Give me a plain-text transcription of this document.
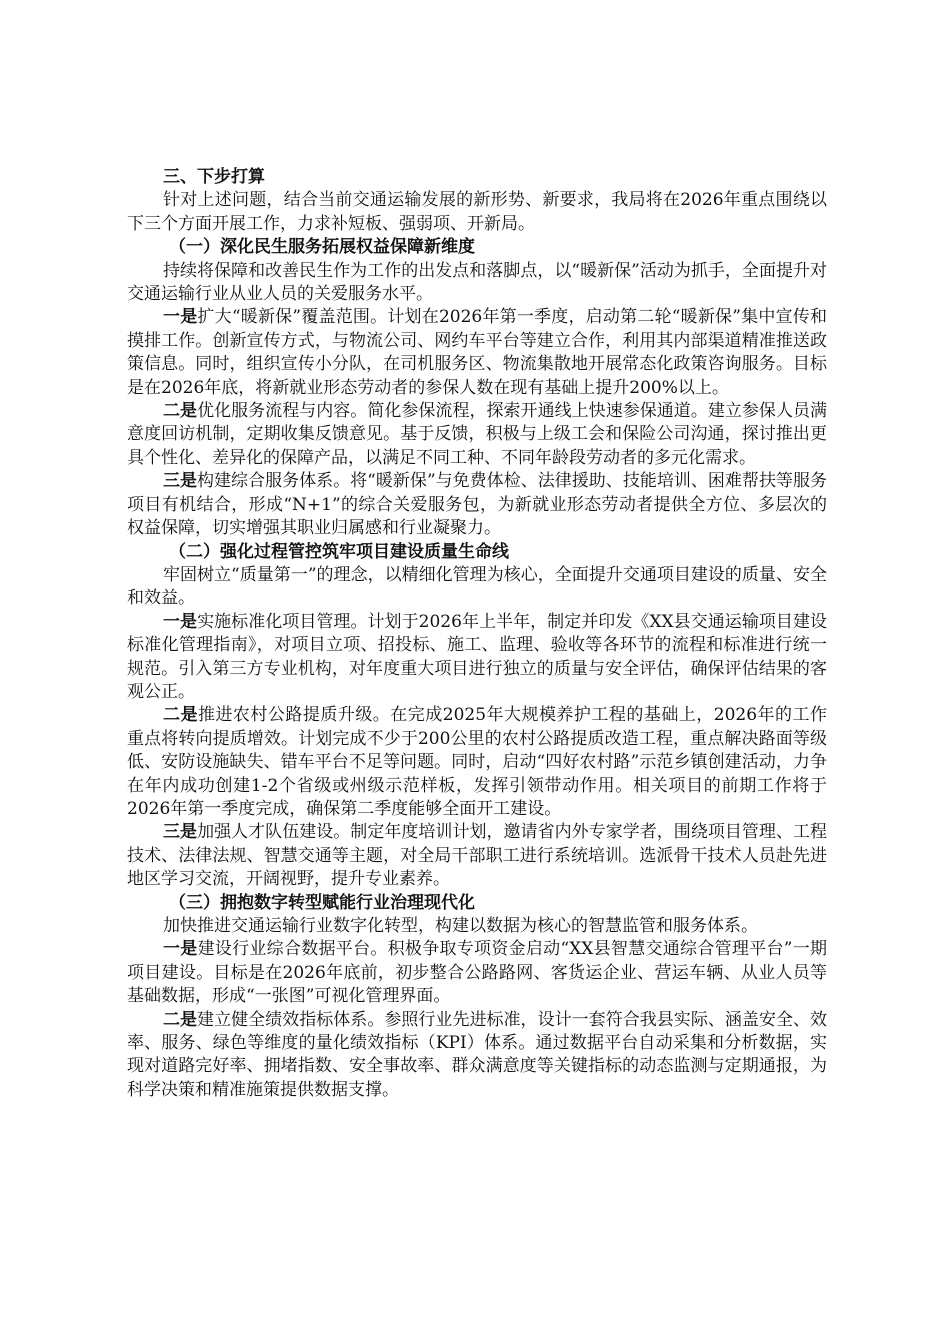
三、下步打算

针对上述问题，结合当前交通运输发展的新形势、新要求，我局将在2026年重点围绕以下三个方面开展工作，力求补短板、强弱项、开新局。

（一）深化民生服务拓展权益保障新维度

持续将保障和改善民生作为工作的出发点和落脚点，以“暖新保”活动为抓手，全面提升对交通运输行业从业人员的关爱服务水平。

一是扩大“暖新保”覆盖范围。计划在2026年第一季度，启动第二轮“暖新保”集中宣传和摸排工作。创新宣传方式，与物流公司、网约车平台等建立合作，利用其内部渠道精准推送政策信息。同时，组织宣传小分队，在司机服务区、物流集散地开展常态化政策咨询服务。目标是在2026年底，将新就业形态劳动者的参保人数在现有基础上提升200%以上。

二是优化服务流程与内容。简化参保流程，探索开通线上快速参保通道。建立参保人员满意度回访机制，定期收集反馈意见。基于反馈，积极与上级工会和保险公司沟通，探讨推出更具个性化、差异化的保障产品，以满足不同工种、不同年龄段劳动者的多元化需求。

三是构建综合服务体系。将“暖新保”与免费体检、法律援助、技能培训、困难帮扶等服务项目有机结合，形成“N+1”的综合关爱服务包，为新就业形态劳动者提供全方位、多层次的权益保障，切实增强其职业归属感和行业凝聚力。

（二）强化过程管控筑牢项目建设质量生命线

牢固树立“质量第一”的理念，以精细化管理为核心，全面提升交通项目建设的质量、安全和效益。

一是实施标准化项目管理。计划于2026年上半年，制定并印发《XX县交通运输项目建设标准化管理指南》，对项目立项、招投标、施工、监理、验收等各环节的流程和标准进行统一规范。引入第三方专业机构，对年度重大项目进行独立的质量与安全评估，确保评估结果的客观公正。

二是推进农村公路提质升级。在完成2025年大规模养护工程的基础上，2026年的工作重点将转向提质增效。计划完成不少于200公里的农村公路提质改造工程，重点解决路面等级低、安防设施缺失、错车平台不足等问题。同时，启动“四好农村路”示范乡镇创建活动，力争在年内成功创建1-2个省级或州级示范样板，发挥引领带动作用。相关项目的前期工作将于2026年第一季度完成，确保第二季度能够全面开工建设。

三是加强人才队伍建设。制定年度培训计划，邀请省内外专家学者，围绕项目管理、工程技术、法律法规、智慧交通等主题，对全局干部职工进行系统培训。选派骨干技术人员赴先进地区学习交流，开阔视野，提升专业素养。

（三）拥抱数字转型赋能行业治理现代化

加快推进交通运输行业数字化转型，构建以数据为核心的智慧监管和服务体系。

一是建设行业综合数据平台。积极争取专项资金启动“XX县智慧交通综合管理平台”一期项目建设。目标是在2026年底前，初步整合公路路网、客货运企业、营运车辆、从业人员等基础数据，形成“一张图”可视化管理界面。

二是建立健全绩效指标体系。参照行业先进标准，设计一套符合我县实际、涵盖安全、效率、服务、绿色等维度的量化绩效指标（KPI）体系。通过数据平台自动采集和分析数据，实现对道路完好率、拥堵指数、安全事故率、群众满意度等关键指标的动态监测与定期通报，为科学决策和精准施策提供数据支撑。
